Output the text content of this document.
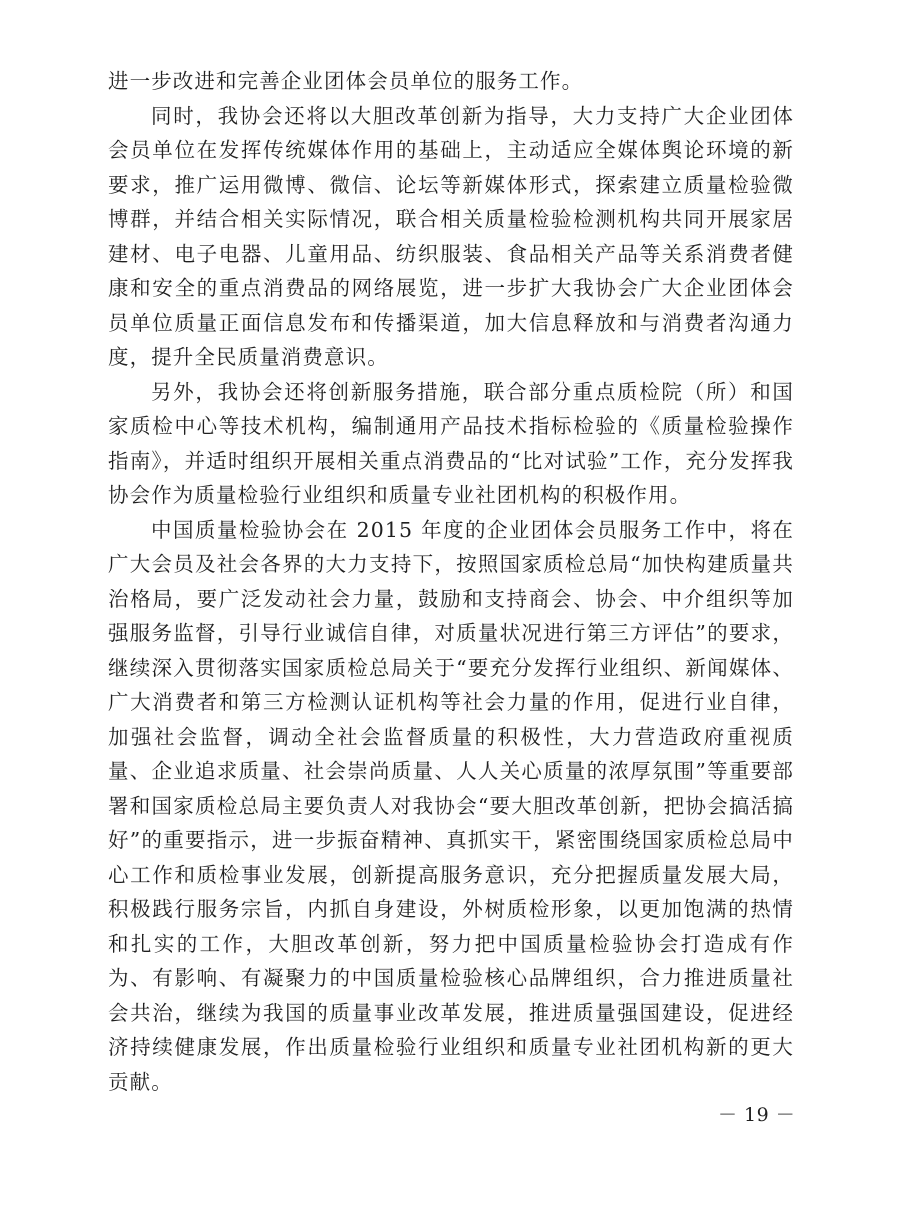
进一步改进和完善企业团体会员单位的服务工作。

同时，我协会还将以大胆改革创新为指导，大力支持广大企业团体会员单位在发挥传统媒体作用的基础上，主动适应全媒体舆论环境的新要求，推广运用微博、微信、论坛等新媒体形式，探索建立质量检验微博群，并结合相关实际情况，联合相关质量检验检测机构共同开展家居建材、电子电器、儿童用品、纺织服装、食品相关产品等关系消费者健康和安全的重点消费品的网络展览，进一步扩大我协会广大企业团体会员单位质量正面信息发布和传播渠道，加大信息释放和与消费者沟通力度，提升全民质量消费意识。

另外，我协会还将创新服务措施，联合部分重点质检院（所）和国家质检中心等技术机构，编制通用产品技术指标检验的《质量检验操作指南》，并适时组织开展相关重点消费品的“比对试验”工作，充分发挥我协会作为质量检验行业组织和质量专业社团机构的积极作用。

中国质量检验协会在 2015 年度的企业团体会员服务工作中，将在广大会员及社会各界的大力支持下，按照国家质检总局“加快构建质量共治格局，要广泛发动社会力量，鼓励和支持商会、协会、中介组织等加强服务监督，引导行业诚信自律，对质量状况进行第三方评估”的要求，继续深入贯彻落实国家质检总局关于“要充分发挥行业组织、新闻媒体、广大消费者和第三方检测认证机构等社会力量的作用，促进行业自律，加强社会监督，调动全社会监督质量的积极性，大力营造政府重视质量、企业追求质量、社会崇尚质量、人人关心质量的浓厚氛围”等重要部署和国家质检总局主要负责人对我协会“要大胆改革创新，把协会搞活搞好”的重要指示，进一步振奋精神、真抓实干，紧密围绕国家质检总局中心工作和质检事业发展，创新提高服务意识，充分把握质量发展大局，积极践行服务宗旨，内抓自身建设，外树质检形象，以更加饱满的热情和扎实的工作，大胆改革创新，努力把中国质量检验协会打造成有作为、有影响、有凝聚力的中国质量检验核心品牌组织，合力推进质量社会共治，继续为我国的质量事业改革发展，推进质量强国建设，促进经济持续健康发展，作出质量检验行业组织和质量专业社团机构新的更大贡献。

－ 19 －
